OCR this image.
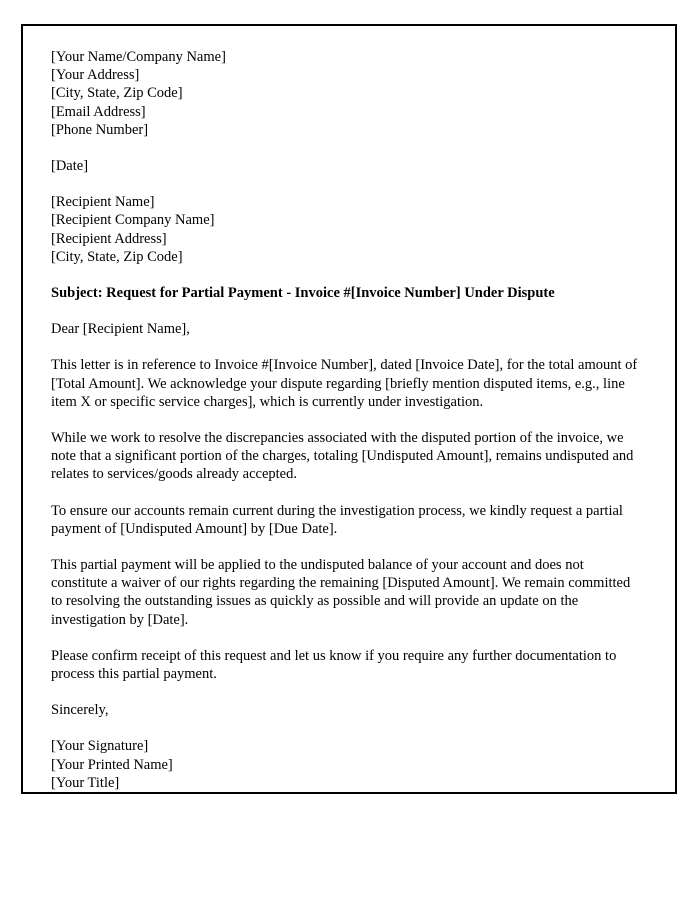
[Your Name/Company Name]
[Your Address]
[City, State, Zip Code]
[Email Address]
[Phone Number]
[Date]
[Recipient Name]
[Recipient Company Name]
[Recipient Address]
[City, State, Zip Code]
Subject: Request for Partial Payment - Invoice #[Invoice Number] Under Dispute
Dear [Recipient Name],

This letter is in reference to Invoice #[Invoice Number], dated [Invoice Date], for the total amount of [Total Amount]. We acknowledge your dispute regarding [briefly mention disputed items, e.g., line item X or specific service charges], which is currently under investigation.

While we work to resolve the discrepancies associated with the disputed portion of the invoice, we note that a significant portion of the charges, totaling [Undisputed Amount], remains undisputed and relates to services/goods already accepted.

To ensure our accounts remain current during the investigation process, we kindly request a partial payment of [Undisputed Amount] by [Due Date].

This partial payment will be applied to the undisputed balance of your account and does not constitute a waiver of our rights regarding the remaining [Disputed Amount]. We remain committed to resolving the outstanding issues as quickly as possible and will provide an update on the investigation by [Date].

Please confirm receipt of this request and let us know if you require any further documentation to process this partial payment.

Sincerely,
[Your Signature]
[Your Printed Name]
[Your Title]
